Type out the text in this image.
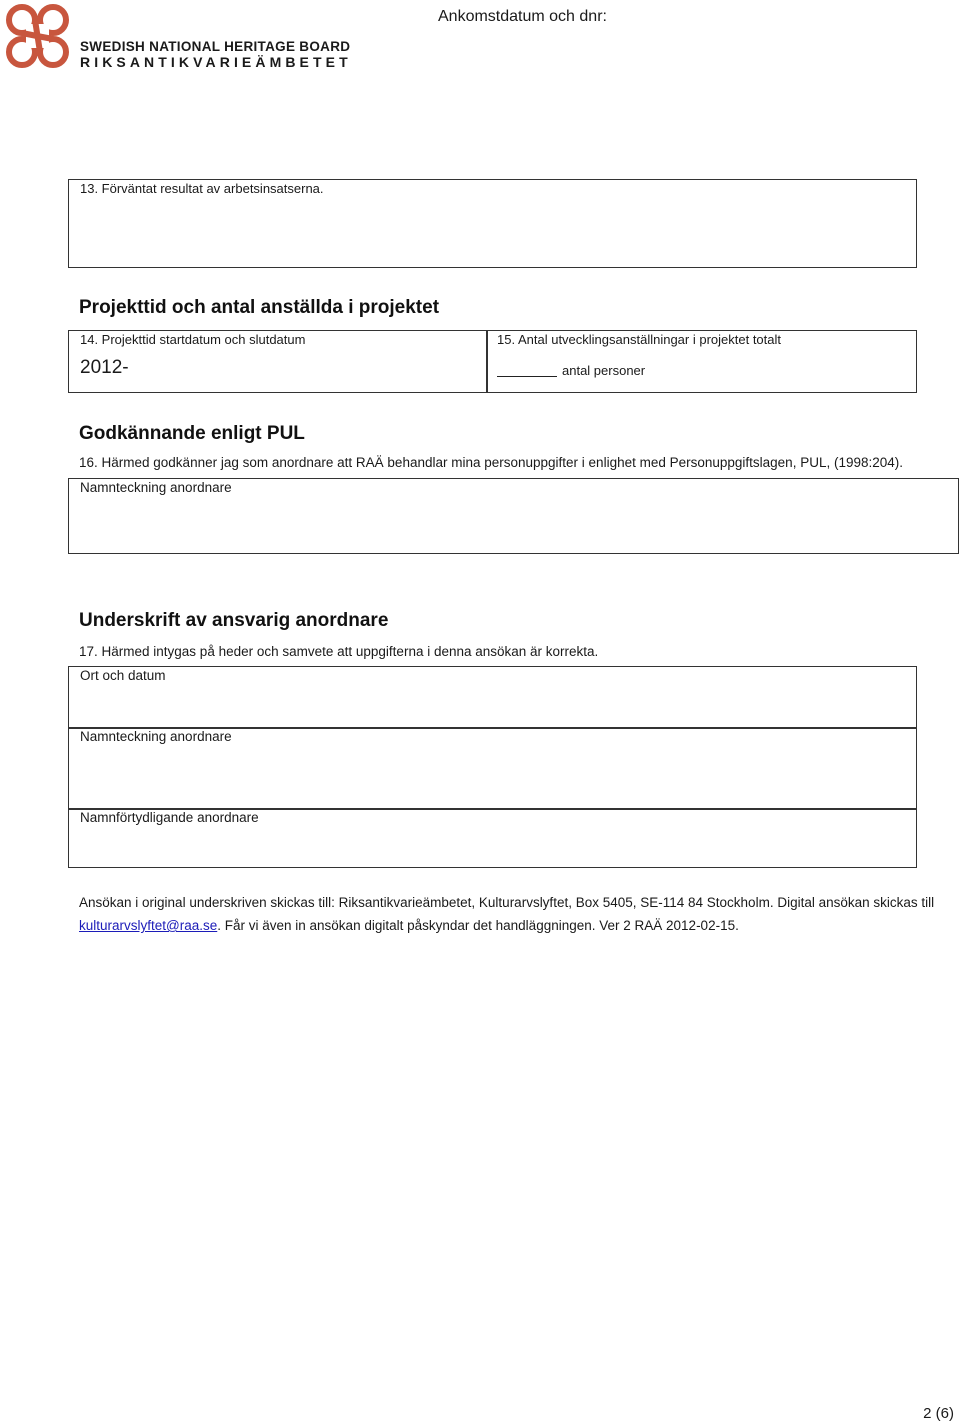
SWEDISH NATIONAL HERITAGE BOARD
RIKSANTIKVARIEÄMBETET
Ankomstdatum och dnr:
13. Förväntat resultat av arbetsinsatserna.
Projekttid och antal anställda i projektet
14. Projekttid startdatum och slutdatum
2012-
15. Antal utvecklingsanställningar i projektet totalt
antal personer
Godkännande enligt PUL
16. Härmed godkänner jag som anordnare att RAÄ behandlar mina personuppgifter i enlighet med Personuppgiftslagen, PUL, (1998:204).
Namnteckning anordnare
Underskrift av ansvarig anordnare
17. Härmed intygas på heder och samvete att uppgifterna i denna ansökan är korrekta.
Ort och datum
Namnteckning anordnare
Namnförtydligande anordnare
Ansökan i original underskriven skickas till: Riksantikvarieämbetet, Kulturarvslyftet, Box 5405, SE-114 84 Stockholm. Digital ansökan skickas till
kulturarvslyftet@raa.se. Får vi även in ansökan digitalt påskyndar det handläggningen. Ver 2 RAÄ 2012-02-15.
2 (6)
